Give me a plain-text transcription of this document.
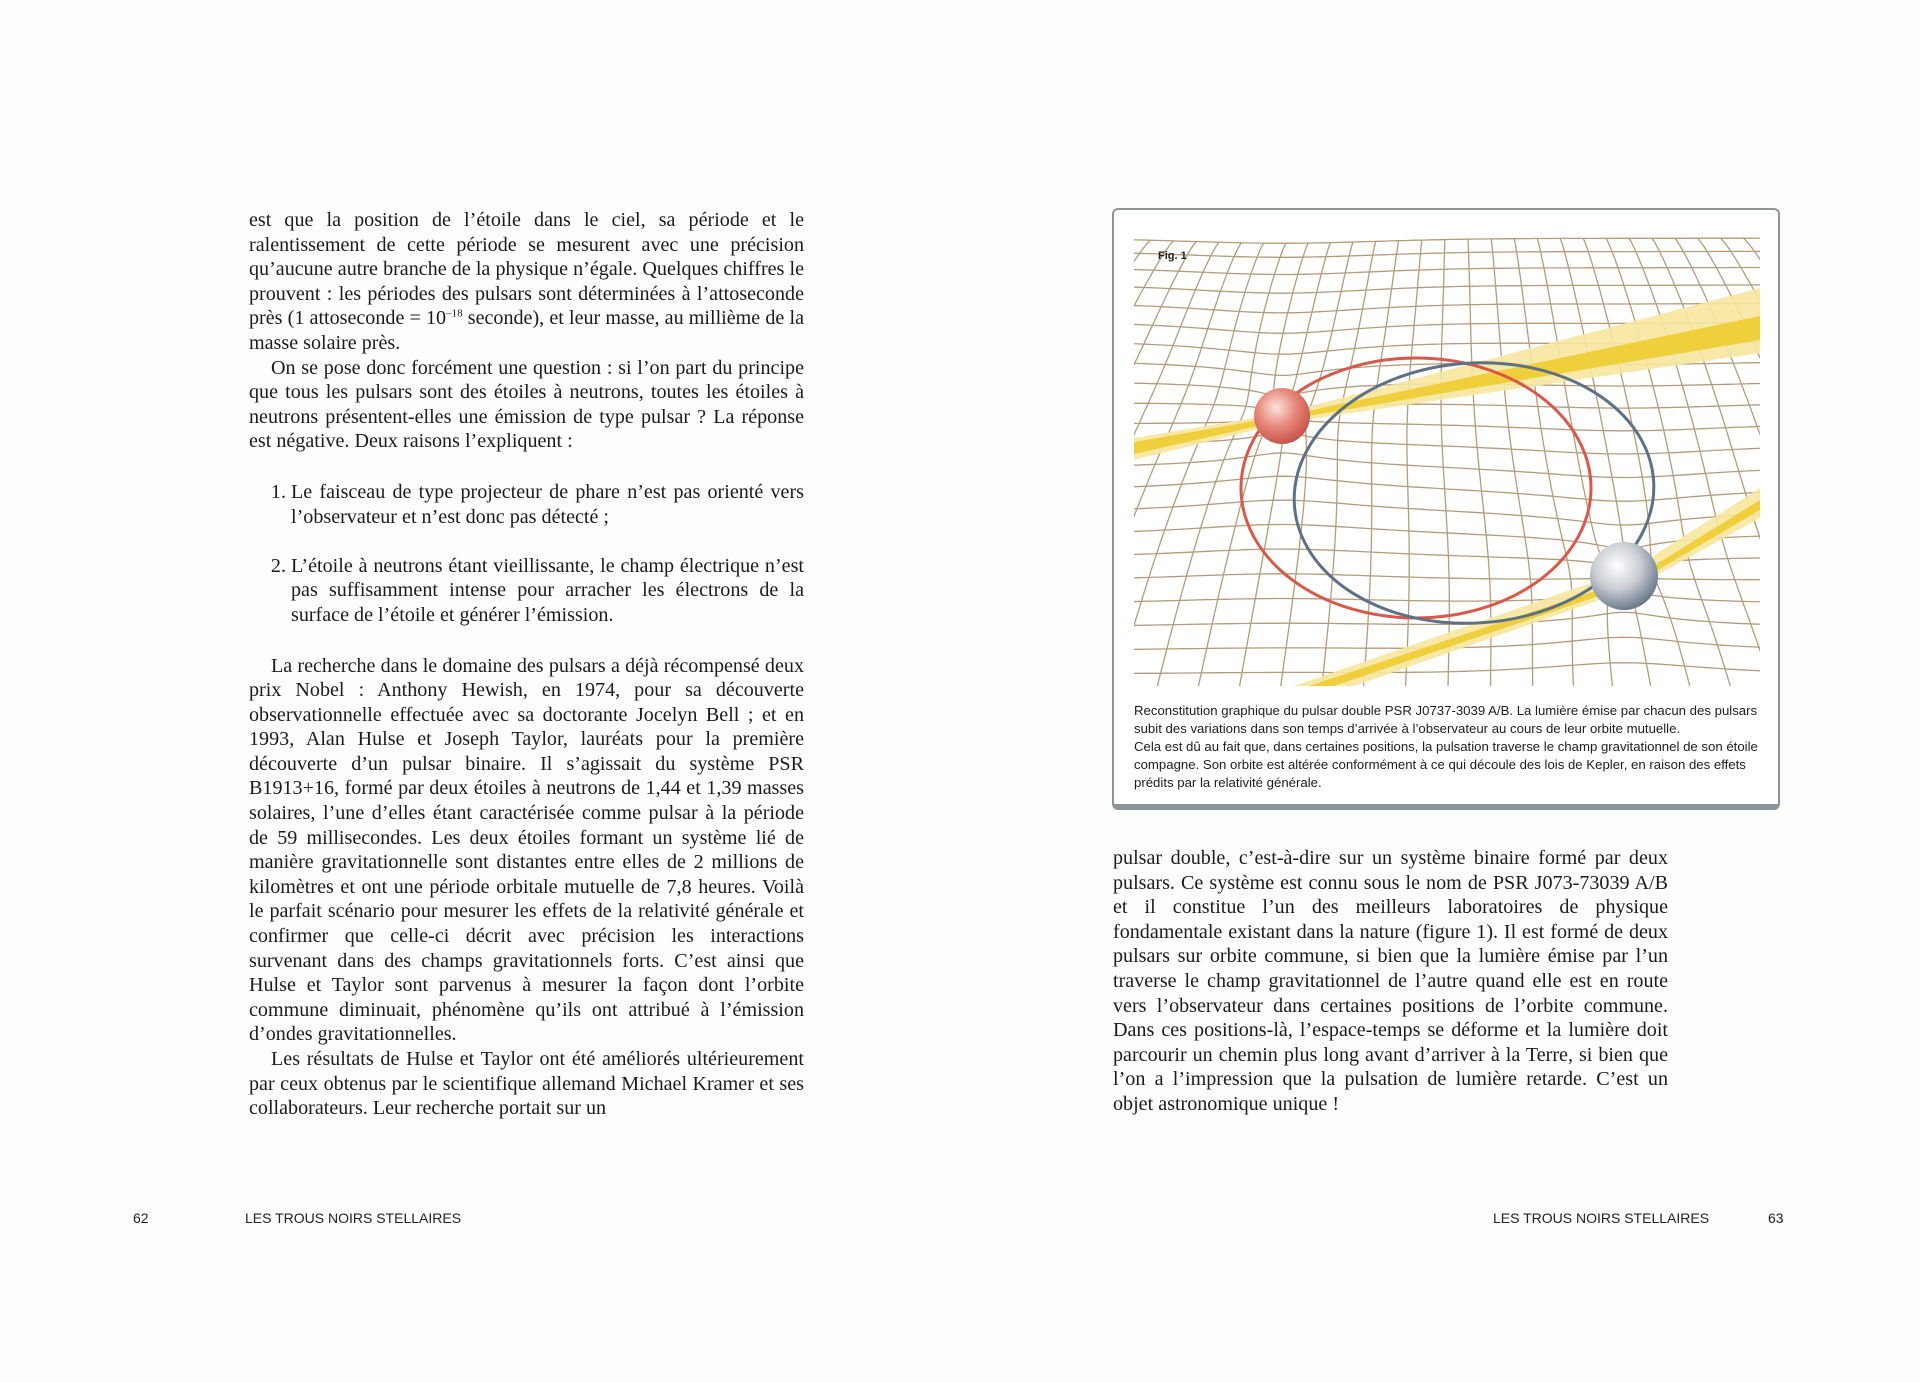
est que la position de l’étoile dans le ciel, sa période et le ralentissement de cette période se mesurent avec une précision qu’aucune autre branche de la physique n’égale. Quelques chiffres le prouvent : les périodes des pulsars sont déterminées à l’attoseconde près (1 attoseconde = $10^{-18}$ seconde), et leur masse, au millième de la masse solaire près.

On se pose donc forcément une question : si l’on part du principe que tous les pulsars sont des étoiles à neutrons, toutes les étoiles à neutrons présentent-elles une émission de type pulsar ? La réponse est négative. Deux raisons l’expliquent :

1. Le faisceau de type projecteur de phare n’est pas orienté vers l’observateur et n’est donc pas détecté ;
2. L’étoile à neutrons étant vieillissante, le champ électrique n’est pas suffisamment intense pour arracher les électrons de la surface de l’étoile et générer l’émission.

La recherche dans le domaine des pulsars a déjà récompensé deux prix Nobel : Anthony Hewish, en 1974, pour sa découverte observationnelle effectuée avec sa doctorante Jocelyn Bell ; et en 1993, Alan Hulse et Joseph Taylor, lauréats pour la première découverte d’un pulsar binaire. Il s’agissait du système PSR B1913+16, formé par deux étoiles à neutrons de 1,44 et 1,39 masses solaires, l’une d’elles étant caractérisée comme pulsar à la période de 59 millisecondes. Les deux étoiles formant un système lié de manière gravitationnelle sont distantes entre elles de 2 millions de kilomètres et ont une période orbitale mutuelle de 7,8 heures. Voilà le parfait scénario pour mesurer les effets de la relativité générale et confirmer que celle-ci décrit avec précision les interactions survenant dans des champs gravitationnels forts. C’est ainsi que Hulse et Taylor sont parvenus à mesurer la façon dont l’orbite commune diminuait, phénomène qu’ils ont attribué à l’émission d’ondes gravitationnelles.

Les résultats de Hulse et Taylor ont été améliorés ultérieurement par ceux obtenus par le scientifique allemand Michael Kramer et ses collaborateurs. Leur recherche portait sur un

Fig. 1
Reconstitution graphique du pulsar double PSR J0737-3039 A/B. La lumière émise par chacun des pulsars
subit des variations dans son temps d’arrivée à l’observateur au cours de leur orbite mutuelle.
Cela est dû au fait que, dans certaines positions, la pulsation traverse le champ gravitationnel de son étoile
compagne. Son orbite est altérée conformément à ce qui découle des lois de Kepler, en raison des effets
prédits par la relativité générale.

pulsar double, c’est-à-dire sur un système binaire formé par deux pulsars. Ce système est connu sous le nom de PSR J073-73039 A/B et il constitue l’un des meilleurs laboratoires de physique fondamentale existant dans la nature (figure 1). Il est formé de deux pulsars sur orbite commune, si bien que la lumière émise par l’un traverse le champ gravitationnel de l’autre quand elle est en route vers l’observateur dans certaines positions de l’orbite commune. Dans ces positions-là, l’espace-temps se déforme et la lumière doit parcourir un chemin plus long avant d’arriver à la Terre, si bien que l’on a l’impression que la pulsation de lumière retarde. C’est un objet astronomique unique !

62	LES TROUS NOIRS STELLAIRES	LES TROUS NOIRS STELLAIRES	63
